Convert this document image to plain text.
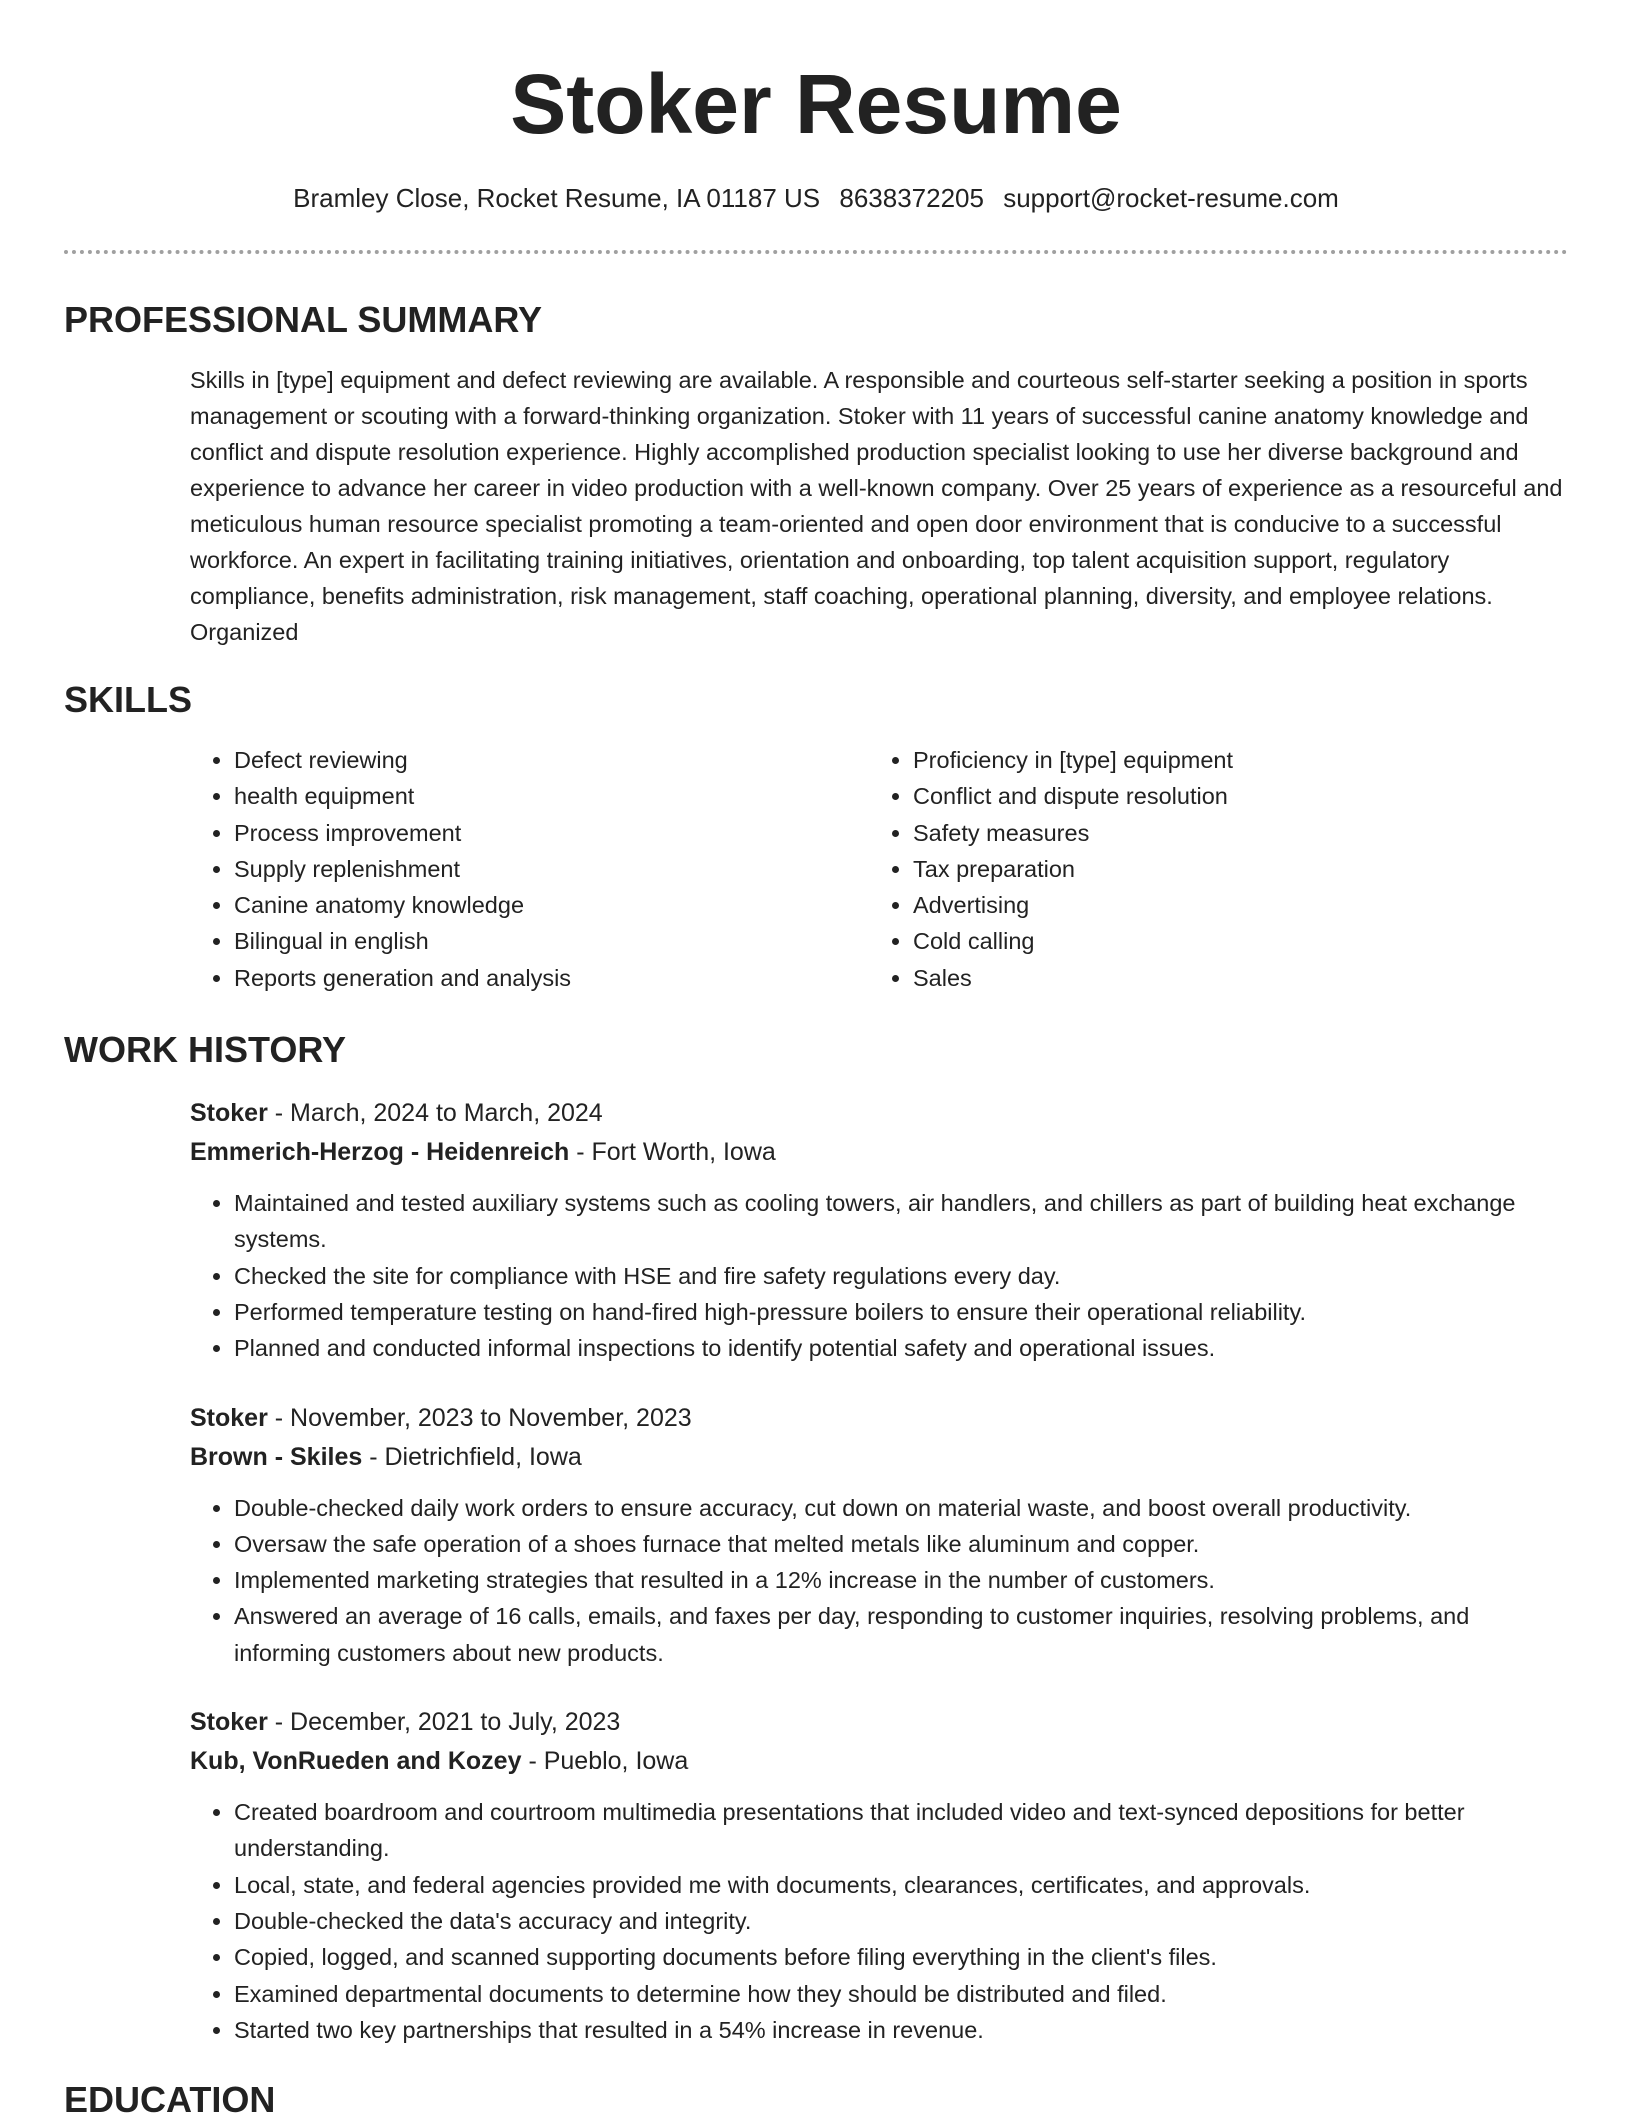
Stoker Resume
Bramley Close, Rocket Resume, IA 01187 US 8638372205 support@rocket-resume.com
PROFESSIONAL SUMMARY
Skills in [type] equipment and defect reviewing are available. A responsible and courteous self-starter seeking a position in sports management or scouting with a forward-thinking organization. Stoker with 11 years of successful canine anatomy knowledge and conflict and dispute resolution experience. Highly accomplished production specialist looking to use her diverse background and experience to advance her career in video production with a well-known company. Over 25 years of experience as a resourceful and meticulous human resource specialist promoting a team-oriented and open door environment that is conducive to a successful workforce. An expert in facilitating training initiatives, orientation and onboarding, top talent acquisition support, regulatory compliance, benefits administration, risk management, staff coaching, operational planning, diversity, and employee relations. Organized
SKILLS
• Defect reviewing
• health equipment
• Process improvement
• Supply replenishment
• Canine anatomy knowledge
• Bilingual in english
• Reports generation and analysis
• Proficiency in [type] equipment
• Conflict and dispute resolution
• Safety measures
• Tax preparation
• Advertising
• Cold calling
• Sales
WORK HISTORY
Stoker - March, 2024 to March, 2024
Emmerich-Herzog - Heidenreich - Fort Worth, Iowa
• Maintained and tested auxiliary systems such as cooling towers, air handlers, and chillers as part of building heat exchange systems.
• Checked the site for compliance with HSE and fire safety regulations every day.
• Performed temperature testing on hand-fired high-pressure boilers to ensure their operational reliability.
• Planned and conducted informal inspections to identify potential safety and operational issues.
Stoker - November, 2023 to November, 2023
Brown - Skiles - Dietrichfield, Iowa
• Double-checked daily work orders to ensure accuracy, cut down on material waste, and boost overall productivity.
• Oversaw the safe operation of a shoes furnace that melted metals like aluminum and copper.
• Implemented marketing strategies that resulted in a 12% increase in the number of customers.
• Answered an average of 16 calls, emails, and faxes per day, responding to customer inquiries, resolving problems, and informing customers about new products.
Stoker - December, 2021 to July, 2023
Kub, VonRueden and Kozey - Pueblo, Iowa
• Created boardroom and courtroom multimedia presentations that included video and text-synced depositions for better understanding.
• Local, state, and federal agencies provided me with documents, clearances, certificates, and approvals.
• Double-checked the data's accuracy and integrity.
• Copied, logged, and scanned supporting documents before filing everything in the client's files.
• Examined departmental documents to determine how they should be distributed and filed.
• Started two key partnerships that resulted in a 54% increase in revenue.
EDUCATION
